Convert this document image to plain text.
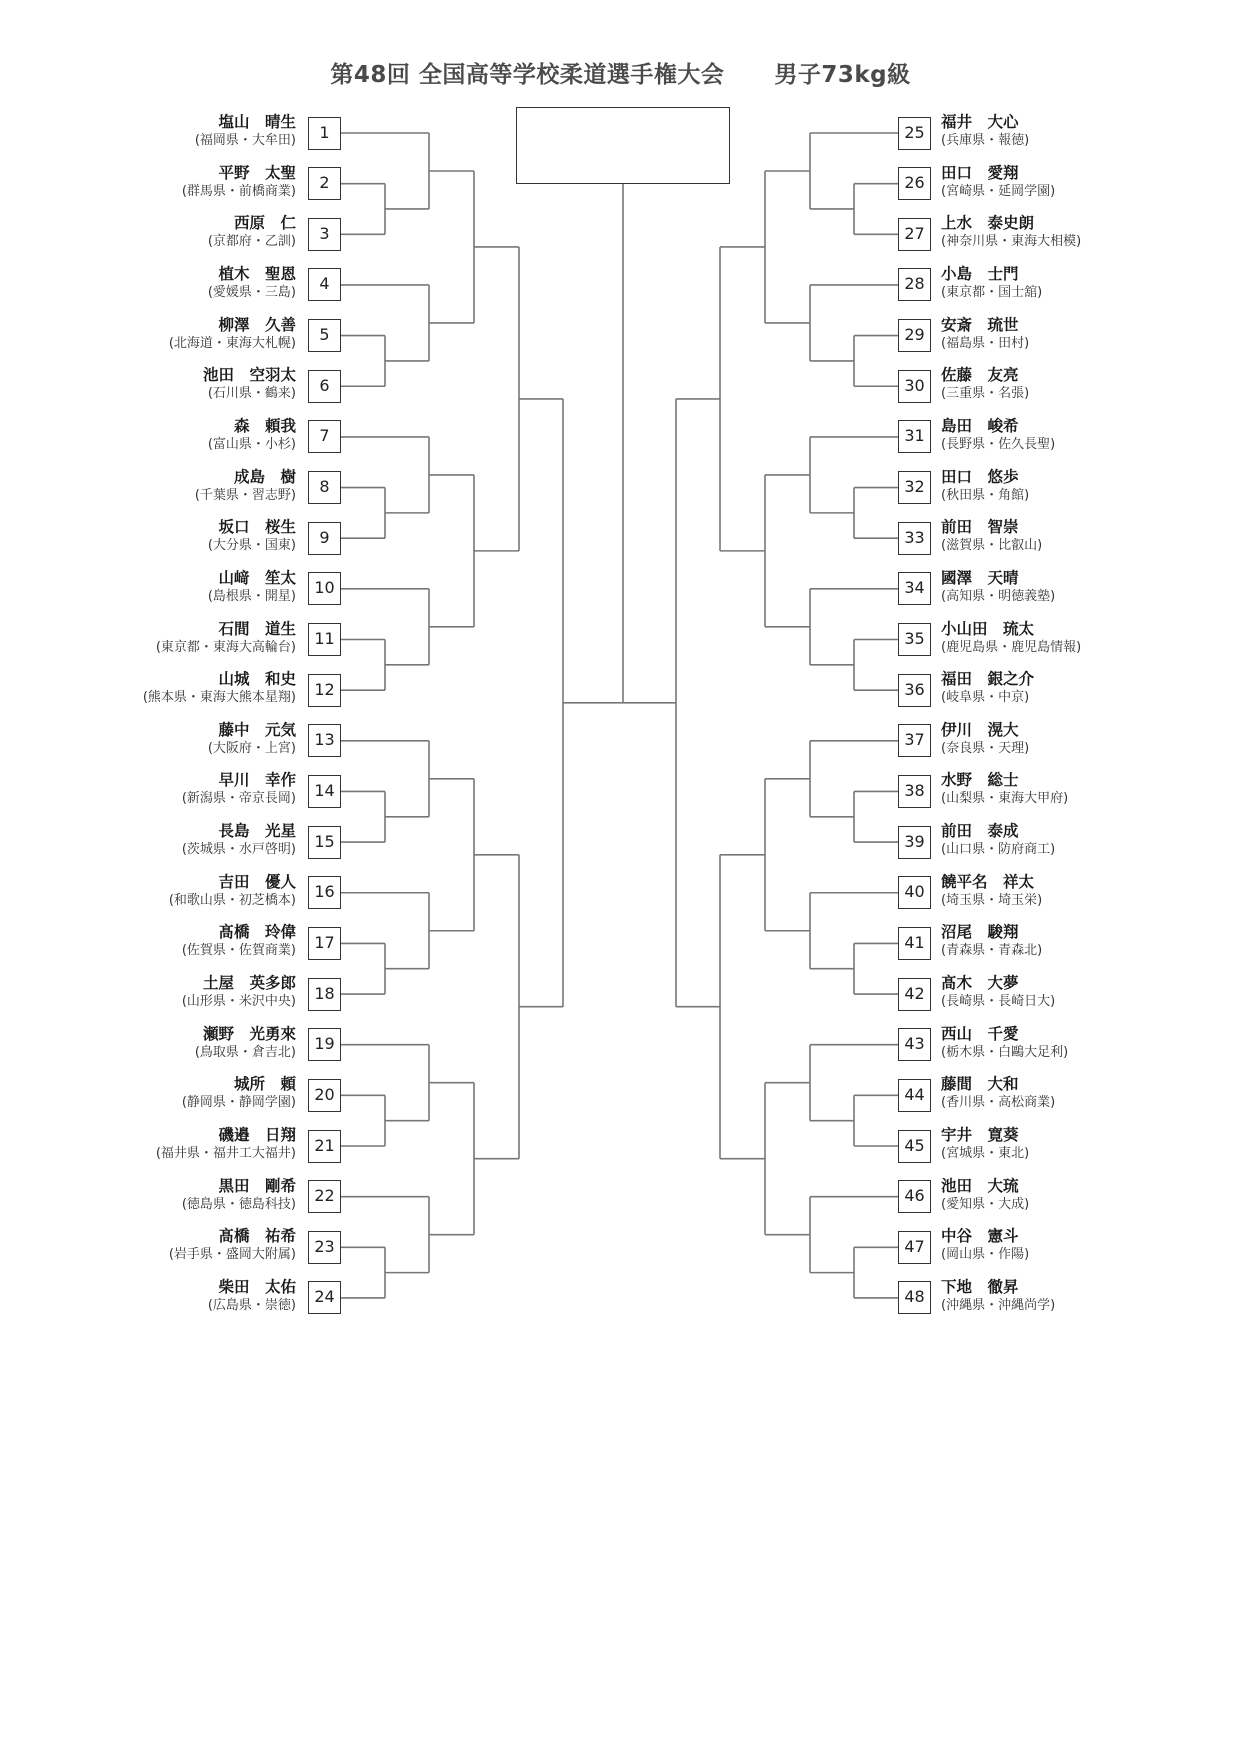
第48回 全国高等学校柔道選手権大会 男子73kg級
1
塩山　晴生
(福岡県・大牟田)
2
平野　太聖
(群馬県・前橋商業)
3
西原　仁
(京都府・乙訓)
4
植木　聖恩
(愛媛県・三島)
5
柳澤　久善
(北海道・東海大札幌)
6
池田　空羽太
(石川県・鶴来)
7
森　頼我
(富山県・小杉)
8
成島　樹
(千葉県・習志野)
9
坂口　桜生
(大分県・国東)
10
山﨑　笙太
(島根県・開星)
11
石間　道生
(東京都・東海大高輪台)
12
山城　和史
(熊本県・東海大熊本星翔)
13
藤中　元気
(大阪府・上宮)
14
早川　幸作
(新潟県・帝京長岡)
15
長島　光星
(茨城県・水戸啓明)
16
吉田　優人
(和歌山県・初芝橋本)
17
髙橋　玲偉
(佐賀県・佐賀商業)
18
土屋　英多郎
(山形県・米沢中央)
19
瀬野　光勇來
(鳥取県・倉吉北)
20
城所　頼
(静岡県・静岡学園)
21
磯邉　日翔
(福井県・福井工大福井)
22
黒田　剛希
(徳島県・徳島科技)
23
髙橋　祐希
(岩手県・盛岡大附属)
24
柴田　太佑
(広島県・崇徳)
25
福井　大心
(兵庫県・報徳)
26
田口　愛翔
(宮崎県・延岡学園)
27
上水　泰史朗
(神奈川県・東海大相模)
28
小島　士門
(東京都・国士舘)
29
安斎　琉世
(福島県・田村)
30
佐藤　友亮
(三重県・名張)
31
島田　峻希
(長野県・佐久長聖)
32
田口　悠歩
(秋田県・角館)
33
前田　智崇
(滋賀県・比叡山)
34
國澤　天晴
(高知県・明徳義塾)
35
小山田　琉太
(鹿児島県・鹿児島情報)
36
福田　銀之介
(岐阜県・中京)
37
伊川　滉大
(奈良県・天理)
38
水野　総士
(山梨県・東海大甲府)
39
前田　泰成
(山口県・防府商工)
40
饒平名　祥太
(埼玉県・埼玉栄)
41
沼尾　駿翔
(青森県・青森北)
42
髙木　大夢
(長崎県・長崎日大)
43
西山　千愛
(栃木県・白鷗大足利)
44
藤間　大和
(香川県・高松商業)
45
宇井　寛葵
(宮城県・東北)
46
池田　大琉
(愛知県・大成)
47
中谷　憲斗
(岡山県・作陽)
48
下地　徹昇
(沖縄県・沖縄尚学)
